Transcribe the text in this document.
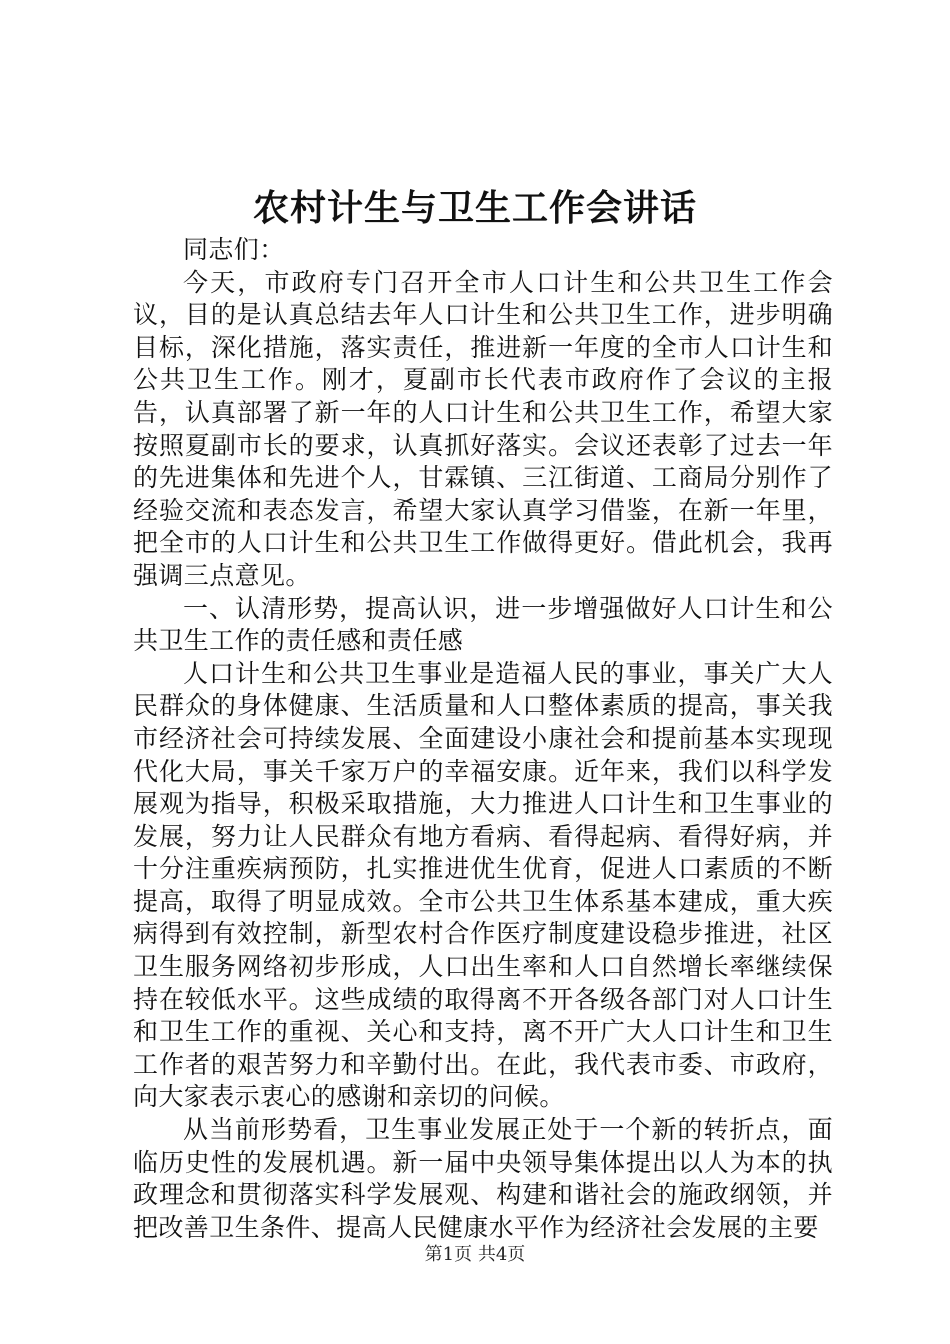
农村计生与卫生工作会讲话

同志们：

今天，市政府专门召开全市人口计生和公共卫生工作会议，目的是认真总结去年人口计生和公共卫生工作，进步明确目标，深化措施，落实责任，推进新一年度的全市人口计生和公共卫生工作。刚才，夏副市长代表市政府作了会议的主报告，认真部署了新一年的人口计生和公共卫生工作，希望大家按照夏副市长的要求，认真抓好落实。会议还表彰了过去一年的先进集体和先进个人，甘霖镇、三江街道、工商局分别作了经验交流和表态发言，希望大家认真学习借鉴，在新一年里，把全市的人口计生和公共卫生工作做得更好。借此机会，我再强调三点意见。

一、认清形势，提高认识，进一步增强做好人口计生和公共卫生工作的责任感和责任感

人口计生和公共卫生事业是造福人民的事业，事关广大人民群众的身体健康、生活质量和人口整体素质的提高，事关我市经济社会可持续发展、全面建设小康社会和提前基本实现现代化大局，事关千家万户的幸福安康。近年来，我们以科学发展观为指导，积极采取措施，大力推进人口计生和卫生事业的发展，努力让人民群众有地方看病、看得起病、看得好病，并十分注重疾病预防，扎实推进优生优育，促进人口素质的不断提高，取得了明显成效。全市公共卫生体系基本建成，重大疾病得到有效控制，新型农村合作医疗制度建设稳步推进，社区卫生服务网络初步形成，人口出生率和人口自然增长率继续保持在较低水平。这些成绩的取得离不开各级各部门对人口计生和卫生工作的重视、关心和支持，离不开广大人口计生和卫生工作者的艰苦努力和辛勤付出。在此，我代表市委、市政府，向大家表示衷心的感谢和亲切的问候。

从当前形势看，卫生事业发展正处于一个新的转折点，面临历史性的发展机遇。新一届中央领导集体提出以人为本的执政理念和贯彻落实科学发展观、构建和谐社会的施政纲领，并把改善卫生条件、提高人民健康水平作为经济社会发展的主要

第1页 共4页
